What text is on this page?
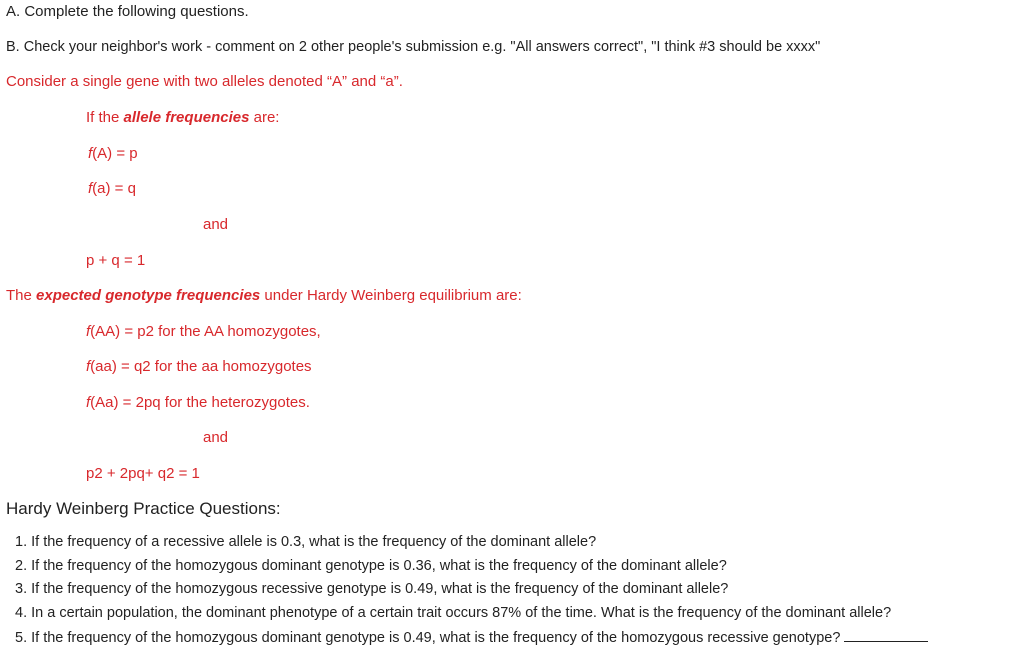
A. Complete the following questions.
B. Check your neighbor's work - comment on 2 other people's submission e.g. "All answers correct", "I think #3 should be xxxx"
Consider a single gene with two alleles denoted “A” and “a”.
If the allele frequencies are:
f(A) = p
f(a) = q
and
p + q = 1
The expected genotype frequencies under Hardy Weinberg equilibrium are:
f(AA) = p2 for the AA homozygotes,
f(aa) = q2 for the aa homozygotes
f(Aa) = 2pq for the heterozygotes.
and
p2 + 2pq+ q2 = 1
Hardy Weinberg Practice Questions:
1. If the frequency of a recessive allele is 0.3, what is the frequency of the dominant allele?
2. If the frequency of the homozygous dominant genotype is 0.36, what is the frequency of the dominant allele?
3. If the frequency of the homozygous recessive genotype is 0.49, what is the frequency of the dominant allele?
4. In a certain population, the dominant phenotype of a certain trait occurs 87% of the time. What is the frequency of the dominant allele?
5. If the frequency of the homozygous dominant genotype is 0.49, what is the frequency of the homozygous recessive genotype?
